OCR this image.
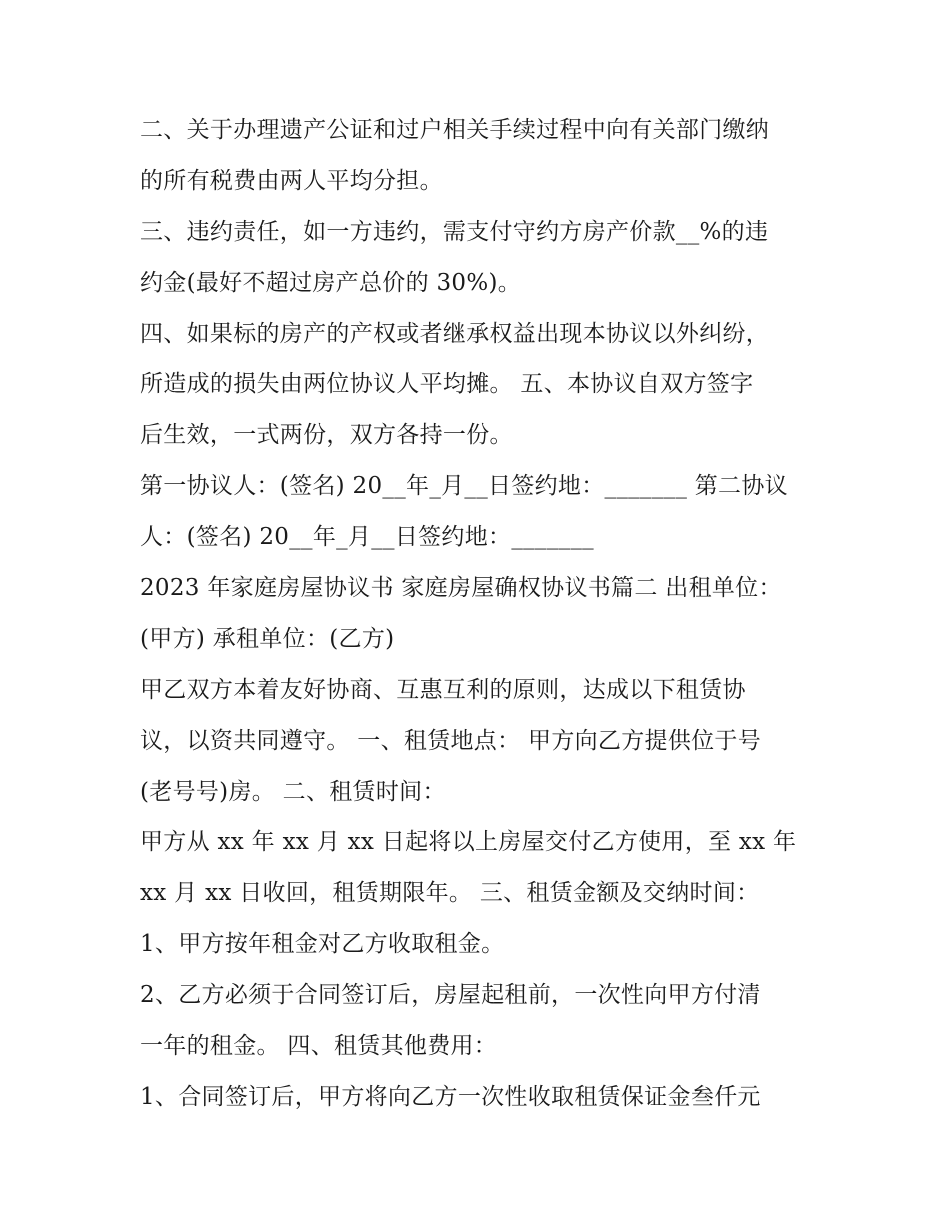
二、关于办理遗产公证和过户相关手续过程中向有关部门缴纳
的所有税费由两人平均分担。
三、违约责任，如一方违约，需支付守约方房产价款__%的违
约金(最好不超过房产总价的 30%)。
四、如果标的房产的产权或者继承权益出现本协议以外纠纷，
所造成的损失由两位协议人平均摊。 五、本协议自双方签字
后生效，一式两份，双方各持一份。
第一协议人：(签名) 20__年_月__日签约地：_______ 第二协议
人：(签名) 20__年_月__日签约地：_______
2023 年家庭房屋协议书 家庭房屋确权协议书篇二 出租单位：
(甲方) 承租单位：(乙方)
甲乙双方本着友好协商、互惠互利的原则，达成以下租赁协
议，以资共同遵守。 一、租赁地点： 甲方向乙方提供位于号
(老号号)房。 二、租赁时间：
甲方从 xx 年 xx 月 xx 日起将以上房屋交付乙方使用，至 xx 年
xx 月 xx 日收回，租赁期限年。 三、租赁金额及交纳时间：
1、甲方按年租金对乙方收取租金。
2、乙方必须于合同签订后，房屋起租前，一次性向甲方付清
一年的租金。 四、租赁其他费用：
1、合同签订后，甲方将向乙方一次性收取租赁保证金叁仟元
